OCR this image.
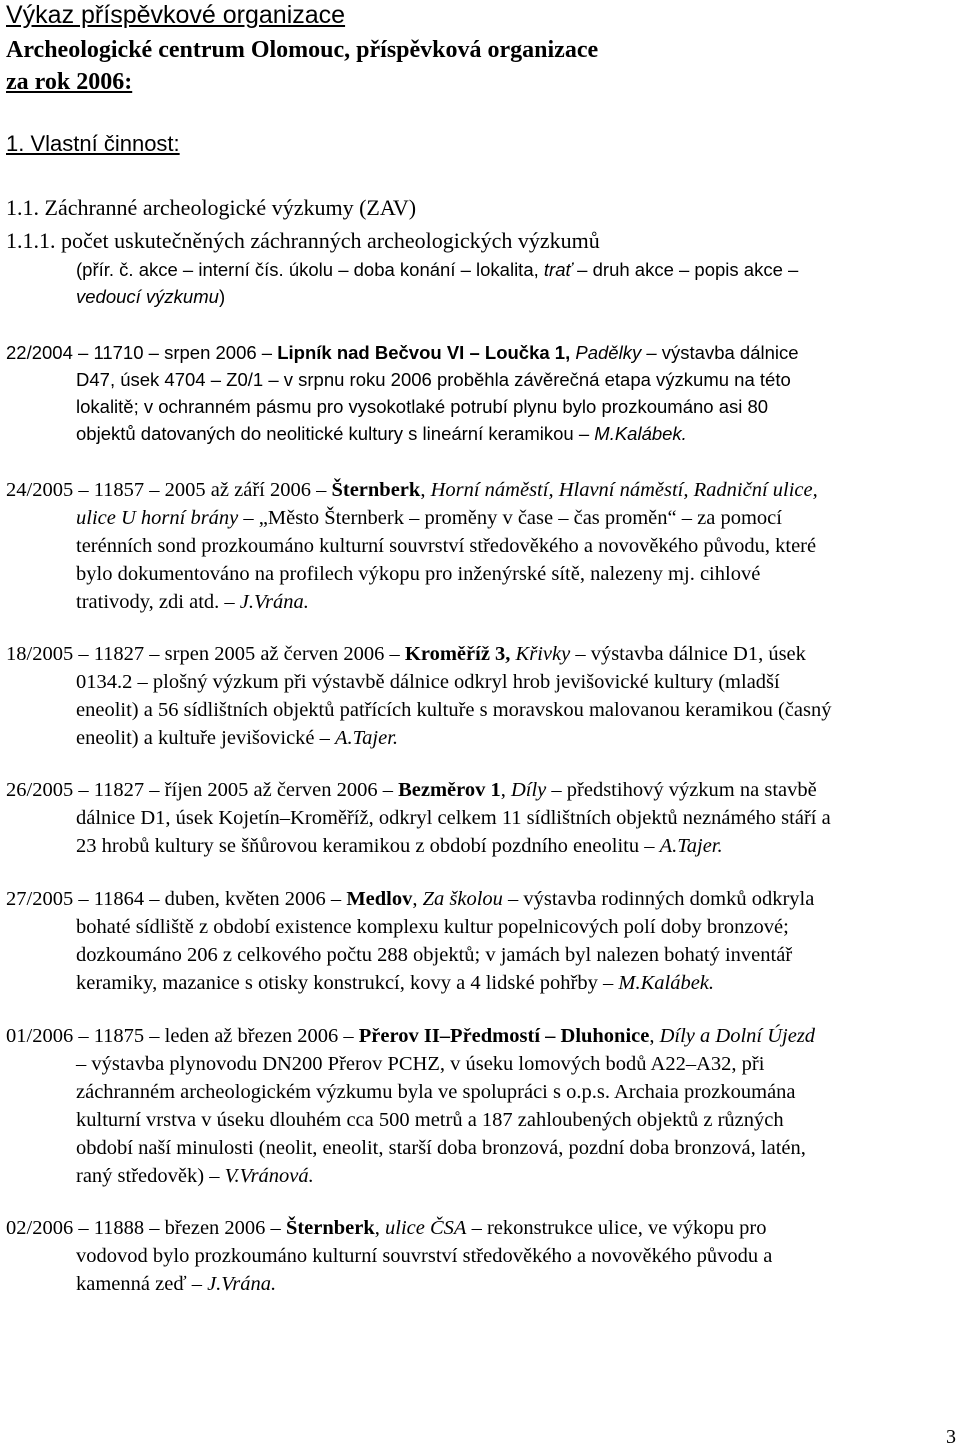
Výkaz příspěvkové organizace
Archeologické centrum Olomouc, příspěvková organizace
za rok 2006:
1. Vlastní činnost:
1.1. Záchranné archeologické výzkumy (ZAV)
1.1.1. počet uskutečněných záchranných archeologických výzkumů
(přír. č. akce – interní čís. úkolu – doba konání – lokalita, trať – druh akce – popis akce –
vedoucí výzkumu)
22/2004 – 11710 – srpen 2006 – Lipník nad Bečvou VI – Loučka 1, Padělky – výstavba dálnice
D47, úsek 4704 – Z0/1 – v srpnu roku 2006 proběhla závěrečná etapa výzkumu na této
lokalitě; v ochranném pásmu pro vysokotlaké potrubí plynu bylo prozkoumáno asi 80
objektů datovaných do neolitické kultury s lineární keramikou – M.Kalábek.
24/2005 – 11857 – 2005 až září 2006 – Šternberk, Horní náměstí, Hlavní náměstí, Radniční ulice,
ulice U horní brány – „Město Šternberk – proměny v čase – čas proměn“ – za pomocí
terénních sond prozkoumáno kulturní souvrství středověkého a novověkého původu, které
bylo dokumentováno na profilech výkopu pro inženýrské sítě, nalezeny mj. cihlové
trativody, zdi atd. – J.Vrána.
18/2005 – 11827 – srpen 2005 až červen 2006 – Kroměříž 3, Křivky – výstavba dálnice D1, úsek
0134.2 – plošný výzkum při výstavbě dálnice odkryl hrob jevišovické kultury (mladší
eneolit) a 56 sídlištních objektů patřících kultuře s moravskou malovanou keramikou (časný
eneolit) a kultuře jevišovické – A.Tajer.
26/2005 – 11827 – říjen 2005 až červen 2006 – Bezměrov 1, Díly – předstihový výzkum na stavbě
dálnice D1, úsek Kojetín–Kroměříž, odkryl celkem 11 sídlištních objektů neznámého stáří a
23 hrobů kultury se šňůrovou keramikou z období pozdního eneolitu – A.Tajer.
27/2005 – 11864 – duben, květen 2006 – Medlov, Za školou – výstavba rodinných domků odkryla
bohaté sídliště z období existence komplexu kultur popelnicových polí doby bronzové;
dozkoumáno 206 z celkového počtu 288 objektů; v jamách byl nalezen bohatý inventář
keramiky, mazanice s otisky konstrukcí, kovy a 4 lidské pohřby – M.Kalábek.
01/2006 – 11875 – leden až březen 2006 – Přerov II–Předmostí – Dluhonice, Díly a Dolní Újezd
– výstavba plynovodu DN200 Přerov PCHZ, v úseku lomových bodů A22–A32, při
záchranném archeologickém výzkumu byla ve spolupráci s o.p.s. Archaia prozkoumána
kulturní vrstva v úseku dlouhém cca 500 metrů a 187 zahloubených objektů z různých
období naší minulosti (neolit, eneolit, starší doba bronzová, pozdní doba bronzová, latén,
raný středověk) – V.Vránová.
02/2006 – 11888 – březen 2006 – Šternberk, ulice ČSA – rekonstrukce ulice, ve výkopu pro
vodovod bylo prozkoumáno kulturní souvrství středověkého a novověkého původu a
kamenná zeď – J.Vrána.
3
